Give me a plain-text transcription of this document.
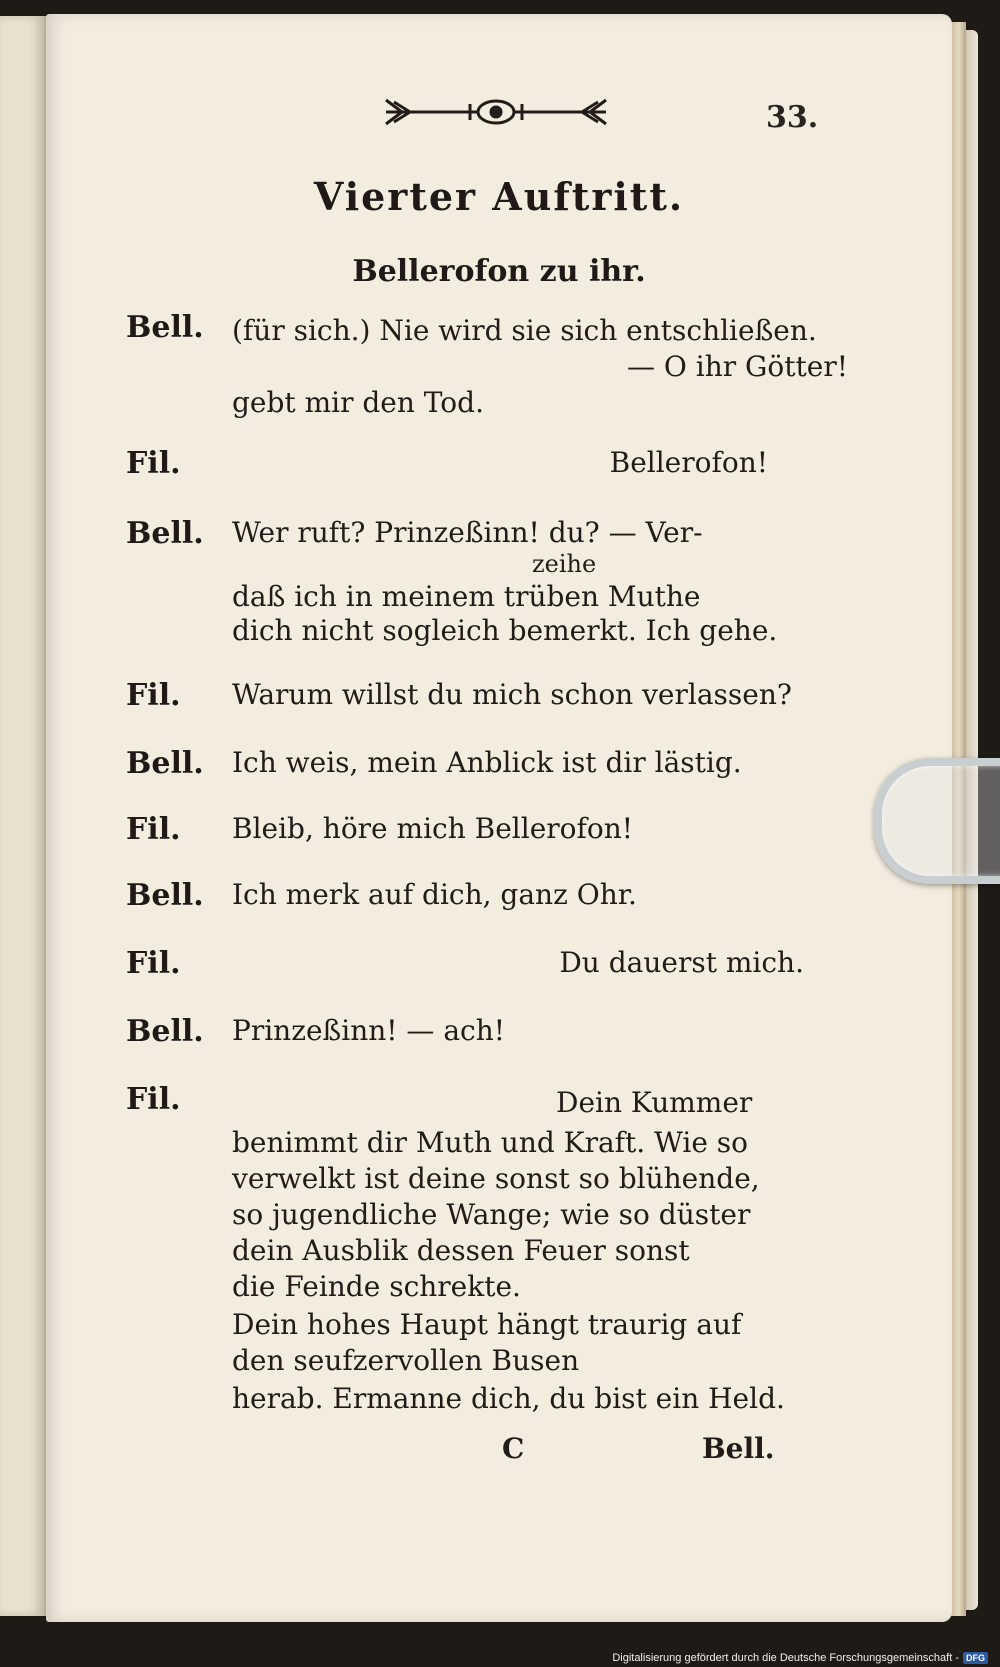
33.
Vierter Auftritt.
Bellerofon zu ihr.
Bell. (für sich.) Nie wird sie sich entschließen.
— O ihr Götter!
gebt mir den Tod.
Fil.	Bellerofon!
Bell. Wer ruft? Prinzeßinn! du? — Ver-
zeihe
daß ich in meinem trüben Muthe
dich nicht sogleich bemerkt. Ich gehe.
Fil. Warum willst du mich schon verlassen?
Bell. Ich weis, mein Anblick ist dir lästig.
Fil. Bleib, höre mich Bellerofon!
Bell. Ich merk auf dich, ganz Ohr.
Fil.	Du dauerst mich.
Bell. Prinzeßinn! — ach!
Fil.	Dein Kummer
benimmt dir Muth und Kraft. Wie so
verwelkt ist deine sonst so blühende,
so jugendliche Wange; wie so düster
dein Ausblik dessen Feuer sonst
die Feinde schrekte.
Dein hohes Haupt hängt traurig auf
den seufzervollen Busen
herab. Ermanne dich, du bist ein Held.
C	Bell.
Digitalisierung gefördert durch die Deutsche Forschungsgemeinschaft - DFG
